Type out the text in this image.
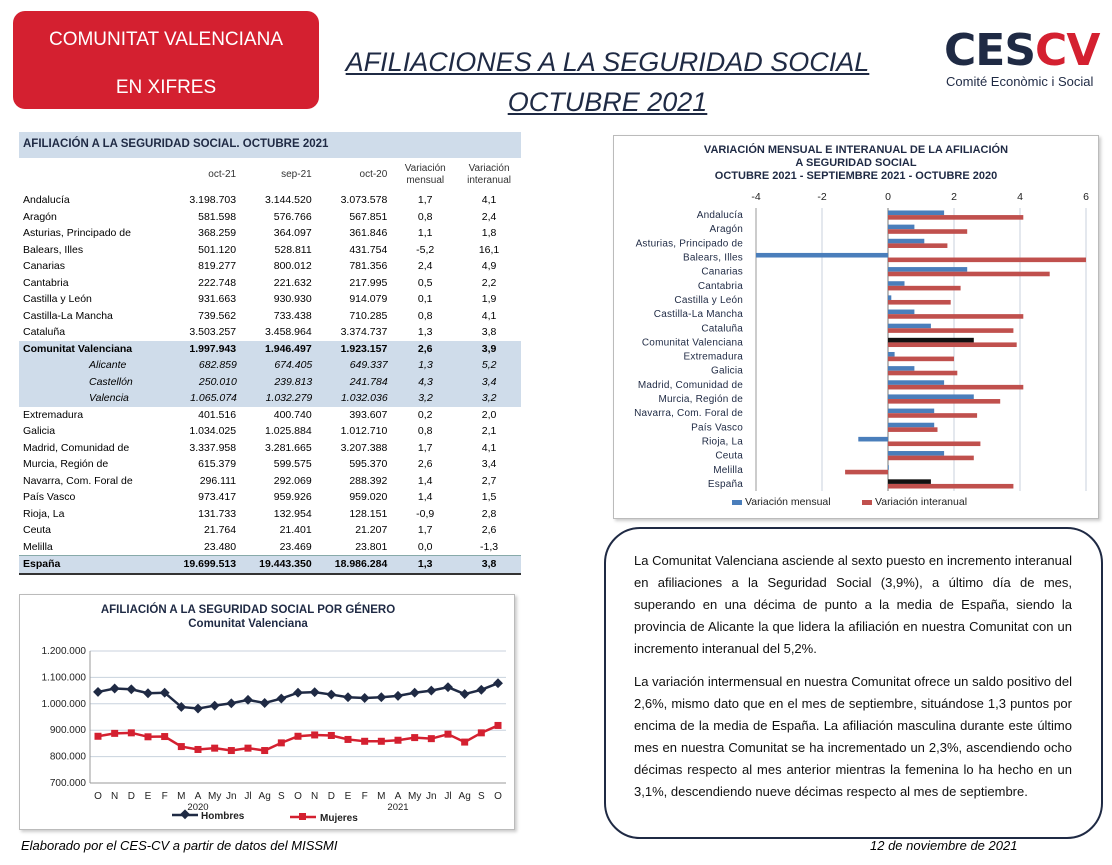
COMUNITAT VALENCIANA
EN XIFRES
AFILIACIONES A LA SEGURIDAD SOCIAL
OCTUBRE 2021
CESCV
Comité Econòmic i Social
AFILIACIÓN A LA SEGURIDAD SOCIAL. OCTUBRE 2021
oct-21	sep-21	oct-20
Variación mensual
Variación interanual
Andalucía	3.198.703	3.144.520	3.073.578	1,7	4,1
Aragón	581.598	576.766	567.851	0,8	2,4
Asturias, Principado de	368.259	364.097	361.846	1,1	1,8
Balears, Illes	501.120	528.811	431.754	-5,2	16,1
Canarias	819.277	800.012	781.356	2,4	4,9
Cantabria	222.748	221.632	217.995	0,5	2,2
Castilla y León	931.663	930.930	914.079	0,1	1,9
Castilla-La Mancha	739.562	733.438	710.285	0,8	4,1
Cataluña	3.503.257	3.458.964	3.374.737	1,3	3,8
Comunitat Valenciana	1.997.943	1.946.497	1.923.157	2,6	3,9
Alicante	682.859	674.405	649.337	1,3	5,2
Castellón	250.010	239.813	241.784	4,3	3,4
Valencia	1.065.074	1.032.279	1.032.036	3,2	3,2
Extremadura	401.516	400.740	393.607	0,2	2,0
Galicia	1.034.025	1.025.884	1.012.710	0,8	2,1
Madrid, Comunidad de	3.337.958	3.281.665	3.207.388	1,7	4,1
Murcia, Región de	615.379	599.575	595.370	2,6	3,4
Navarra, Com. Foral de	296.111	292.069	288.392	1,4	2,7
País Vasco	973.417	959.926	959.020	1,4	1,5
Rioja, La	131.733	132.954	128.151	-0,9	2,8
Ceuta	21.764	21.401	21.207	1,7	2,6
Melilla	23.480	23.469	23.801	0,0	-1,3
España	19.699.513	19.443.350	18.986.284	1,3	3,8
VARIACIÓN MENSUAL E INTERANUAL DE LA AFILIACIÓN
A SEGURIDAD SOCIAL
OCTUBRE 2021 - SEPTIEMBRE 2021 - OCTUBRE 2020
-4	-2	0	2	4	6
Andalucía
Aragón
Asturias, Principado de
Balears, Illes
Canarias
Cantabria
Castilla y León
Castilla-La Mancha
Cataluña
Comunitat Valenciana
Extremadura
Galicia
Madrid, Comunidad de
Murcia, Región de
Navarra, Com. Foral de
País Vasco
Rioja, La
Ceuta
Melilla
España
Variación mensual	Variación interanual
AFILIACIÓN A LA SEGURIDAD SOCIAL POR GÉNERO
Comunitat Valenciana
700.000
800.000
900.000
1.000.000
1.100.000
1.200.000
O N D E F M A My Jn Jl Ag S O N D E F M A My Jn Jl Ag S O
2020	2021
Hombres	Mujeres

La Comunitat Valenciana asciende al sexto puesto en incremento interanual en afiliaciones a la Seguridad Social (3,9%), a último día de mes, superando en una décima de punto a la media de España, siendo la provincia de Alicante la que lidera la afiliación en nuestra Comunitat con un incremento interanual del 5,2%.

La variación intermensual en nuestra Comunitat ofrece un saldo positivo del 2,6%, mismo dato que en el mes de septiembre, situándose 1,3 puntos por encima de la media de España. La afiliación masculina durante este último mes en nuestra Comunitat se ha incrementado un 2,3%, ascendiendo ocho décimas respecto al mes anterior mientras la femenina lo ha hecho en un 3,1%, descendiendo nueve décimas respecto al mes de septiembre.

Elaborado por el CES-CV a partir de datos del MISSMI	12 de noviembre de 2021
